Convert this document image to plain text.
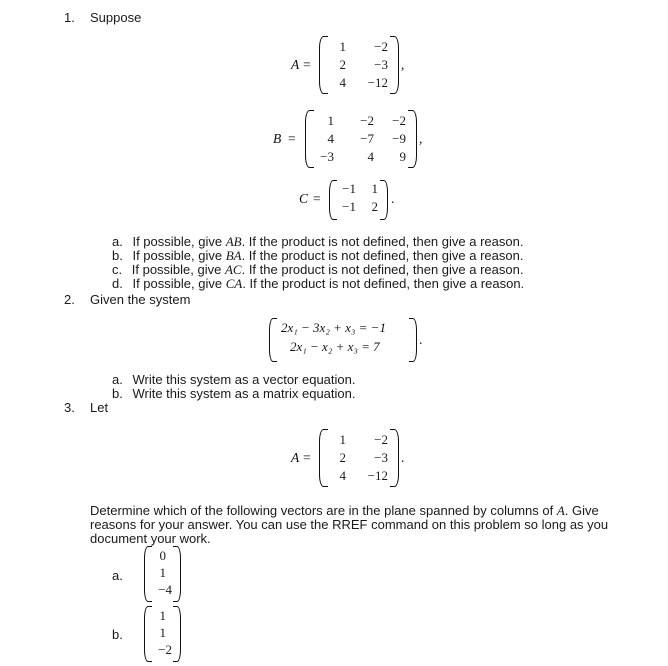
1. Suppose
A =
1	−2
2	−3
4	−12
,
B =
1	−2	−2
4	−7	−9
−3	4	9
,
C =
−1	1
−1	2
.
a. If possible, give AB. If the product is not defined, then give a reason.
b. If possible, give BA. If the product is not defined, then give a reason.
c. If possible, give AC. If the product is not defined, then give a reason.
d. If possible, give CA. If the product is not defined, then give a reason.
2. Given the system
2x₁ − 3x₂ + x₃ = −1
2x₁ − x₂ + x₃ = 7	.
a. Write this system as a vector equation.
b. Write this system as a matrix equation.
3. Let
A =
1	−2
2	−3
4	−12
.
Determine which of the following vectors are in the plane spanned by columns of A. Give
reasons for your answer. You can use the RREF command on this problem so long as you
document your work.
a.
0
1
−4
b.
1
1
−2
